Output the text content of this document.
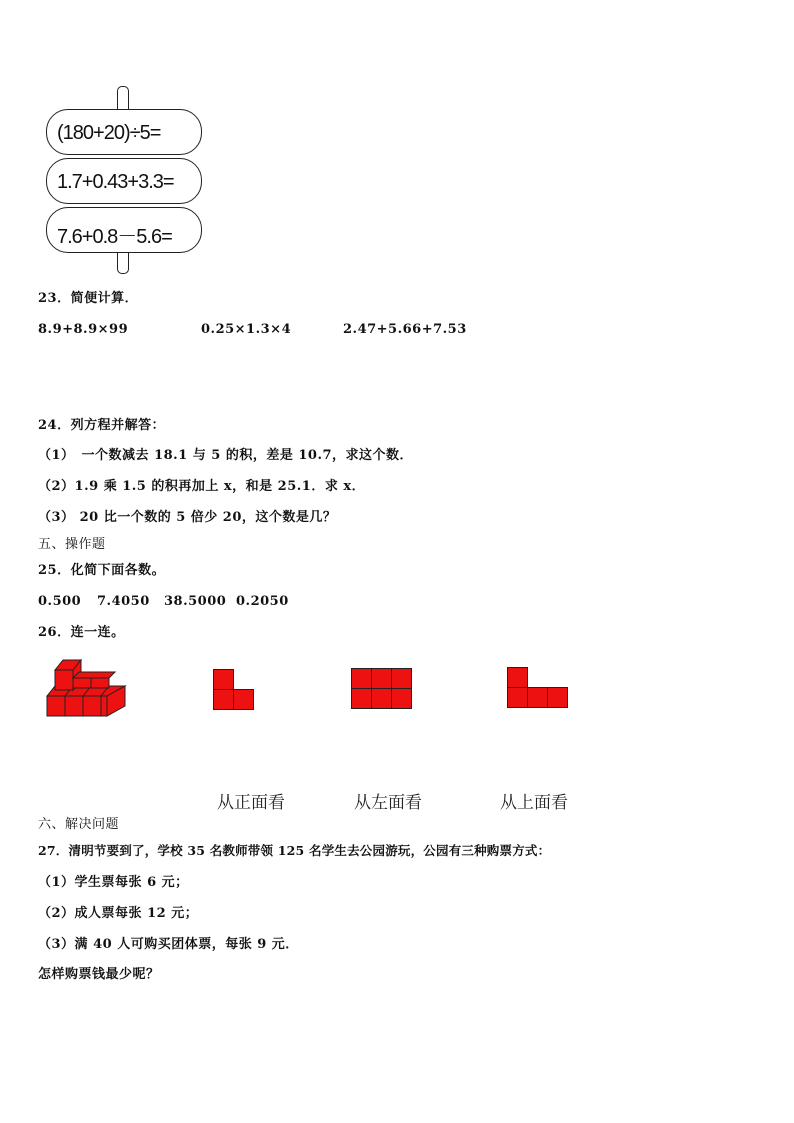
(180+20)÷5=
1.7+0.43+3.3=
7.6+0.8－5.6=
23．简便计算．
8.9+8.9×99	0.25×1.3×4	2.47+5.66+7.53
24．列方程并解答：
（1）　一个数减去 18.1 与 5 的积，差是 10.7，求这个数．
（2）1.9 乘 1.5 的积再加上 x，和是 25.1．求 x．
（3） 20 比一个数的 5 倍少 20，这个数是几？
五、操作题
25．化简下面各数。
0.500 7.4050 38.5000 0.2050
26．连一连。
从正面看	从左面看	从上面看
六、解决问题
27．清明节要到了，学校 35 名教师带领 125 名学生去公园游玩，公园有三种购票方式：
（1）学生票每张 6 元；
（2）成人票每张 12 元；
（3）满 40 人可购买团体票，每张 9 元．
怎样购票钱最少呢？
